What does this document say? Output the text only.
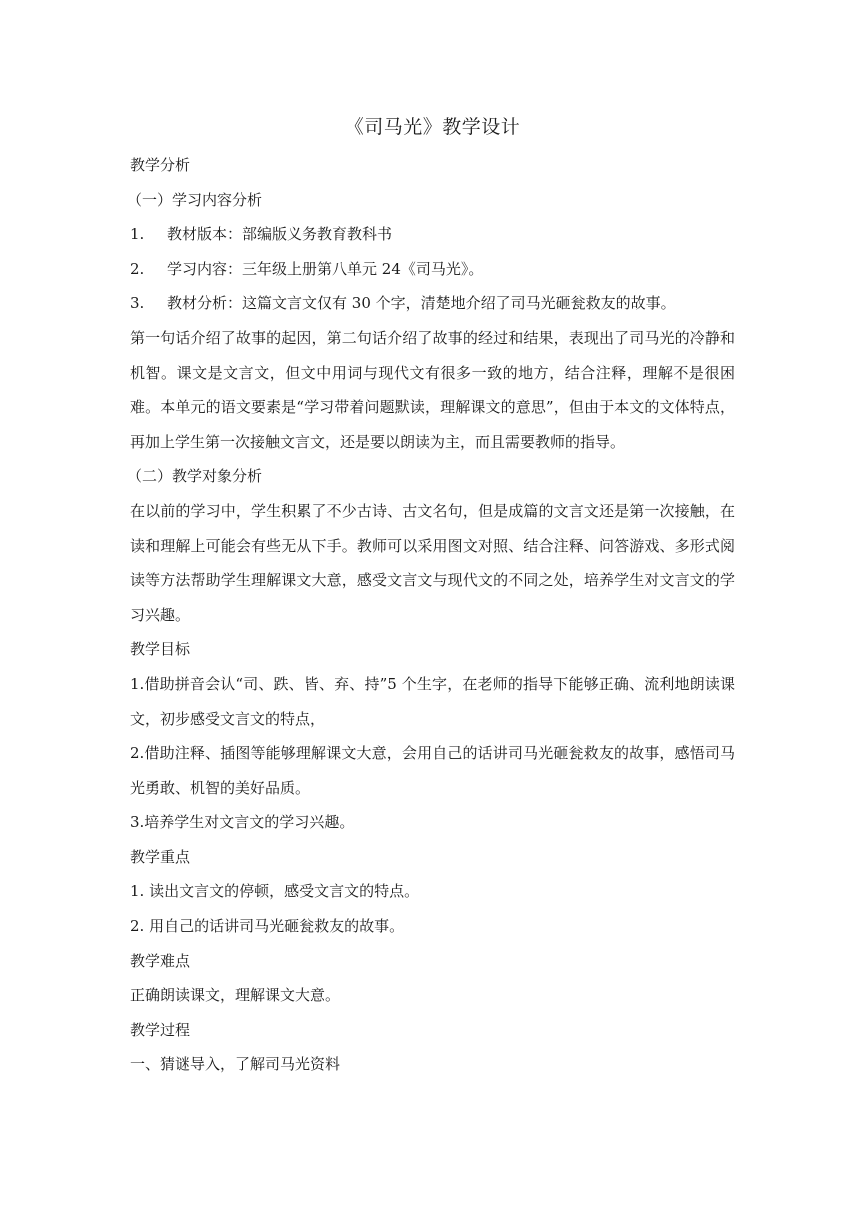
《司马光》教学设计

教学分析

（一）学习内容分析

1.	教材版本：部编版义务教育教科书
2.	学习内容：三年级上册第八单元 24《司马光》。
3.	教材分析：这篇文言文仅有 30 个字，清楚地介绍了司马光砸瓮救友的故事。

第一句话介绍了故事的起因，第二句话介绍了故事的经过和结果，表现出了司马光的冷静和机智。课文是文言文，但文中用词与现代文有很多一致的地方，结合注释，理解不是很困难。本单元的语文要素是“学习带着问题默读，理解课文的意思”，但由于本文的文体特点，再加上学生第一次接触文言文，还是要以朗读为主，而且需要教师的指导。

（二）教学对象分析

在以前的学习中，学生积累了不少古诗、古文名句，但是成篇的文言文还是第一次接触，在读和理解上可能会有些无从下手。教师可以采用图文对照、结合注释、问答游戏、多形式阅读等方法帮助学生理解课文大意，感受文言文与现代文的不同之处，培养学生对文言文的学习兴趣。

教学目标

1.借助拼音会认“司、跌、皆、弃、持”5 个生字，在老师的指导下能够正确、流利地朗读课文，初步感受文言文的特点，

2.借助注释、插图等能够理解课文大意，会用自己的话讲司马光砸瓮救友的故事，感悟司马光勇敢、机智的美好品质。

3.培养学生对文言文的学习兴趣。

教学重点

1. 读出文言文的停顿，感受文言文的特点。

2. 用自己的话讲司马光砸瓮救友的故事。

教学难点

正确朗读课文，理解课文大意。

教学过程

一、猜谜导入，了解司马光资料
